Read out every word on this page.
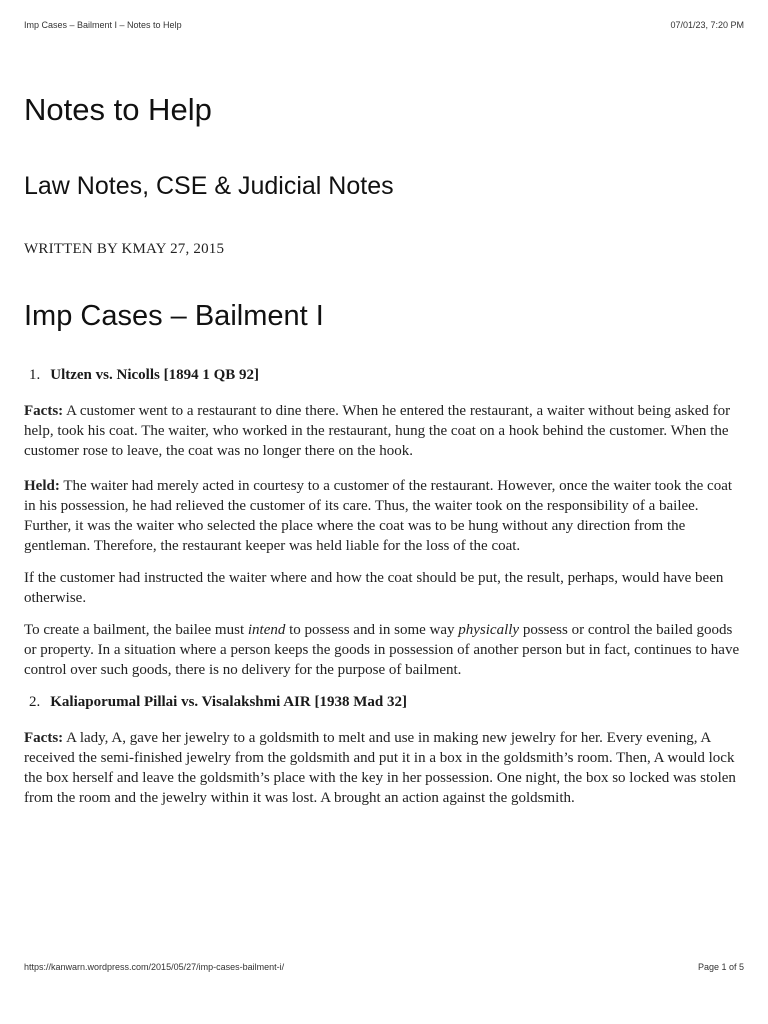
Imp Cases – Bailment I – Notes to Help	07/01/23, 7:20 PM
Notes to Help
Law Notes, CSE & Judicial Notes
WRITTEN BY KMAY 27, 2015
Imp Cases – Bailment I
1. Ultzen vs. Nicolls [1894 1 QB 92]

Facts: A customer went to a restaurant to dine there. When he entered the restaurant, a waiter without being asked for help, took his coat. The waiter, who worked in the restaurant, hung the coat on a hook behind the customer. When the customer rose to leave, the coat was no longer there on the hook.

Held: The waiter had merely acted in courtesy to a customer of the restaurant. However, once the waiter took the coat in his possession, he had relieved the customer of its care. Thus, the waiter took on the responsibility of a bailee. Further, it was the waiter who selected the place where the coat was to be hung without any direction from the gentleman. Therefore, the restaurant keeper was held liable for the loss of the coat.

If the customer had instructed the waiter where and how the coat should be put, the result, perhaps, would have been otherwise.

To create a bailment, the bailee must intend to possess and in some way physically possess or control the bailed goods or property. In a situation where a person keeps the goods in possession of another person but in fact, continues to have control over such goods, there is no delivery for the purpose of bailment.

2. Kaliaporumal Pillai vs. Visalakshmi AIR [1938 Mad 32]

Facts: A lady, A, gave her jewelry to a goldsmith to melt and use in making new jewelry for her. Every evening, A received the semi-finished jewelry from the goldsmith and put it in a box in the goldsmith’s room. Then, A would lock the box herself and leave the goldsmith’s place with the key in her possession. One night, the box so locked was stolen from the room and the jewelry within it was lost. A brought an action against the goldsmith.

https://kanwarn.wordpress.com/2015/05/27/imp-cases-bailment-i/	Page 1 of 5
